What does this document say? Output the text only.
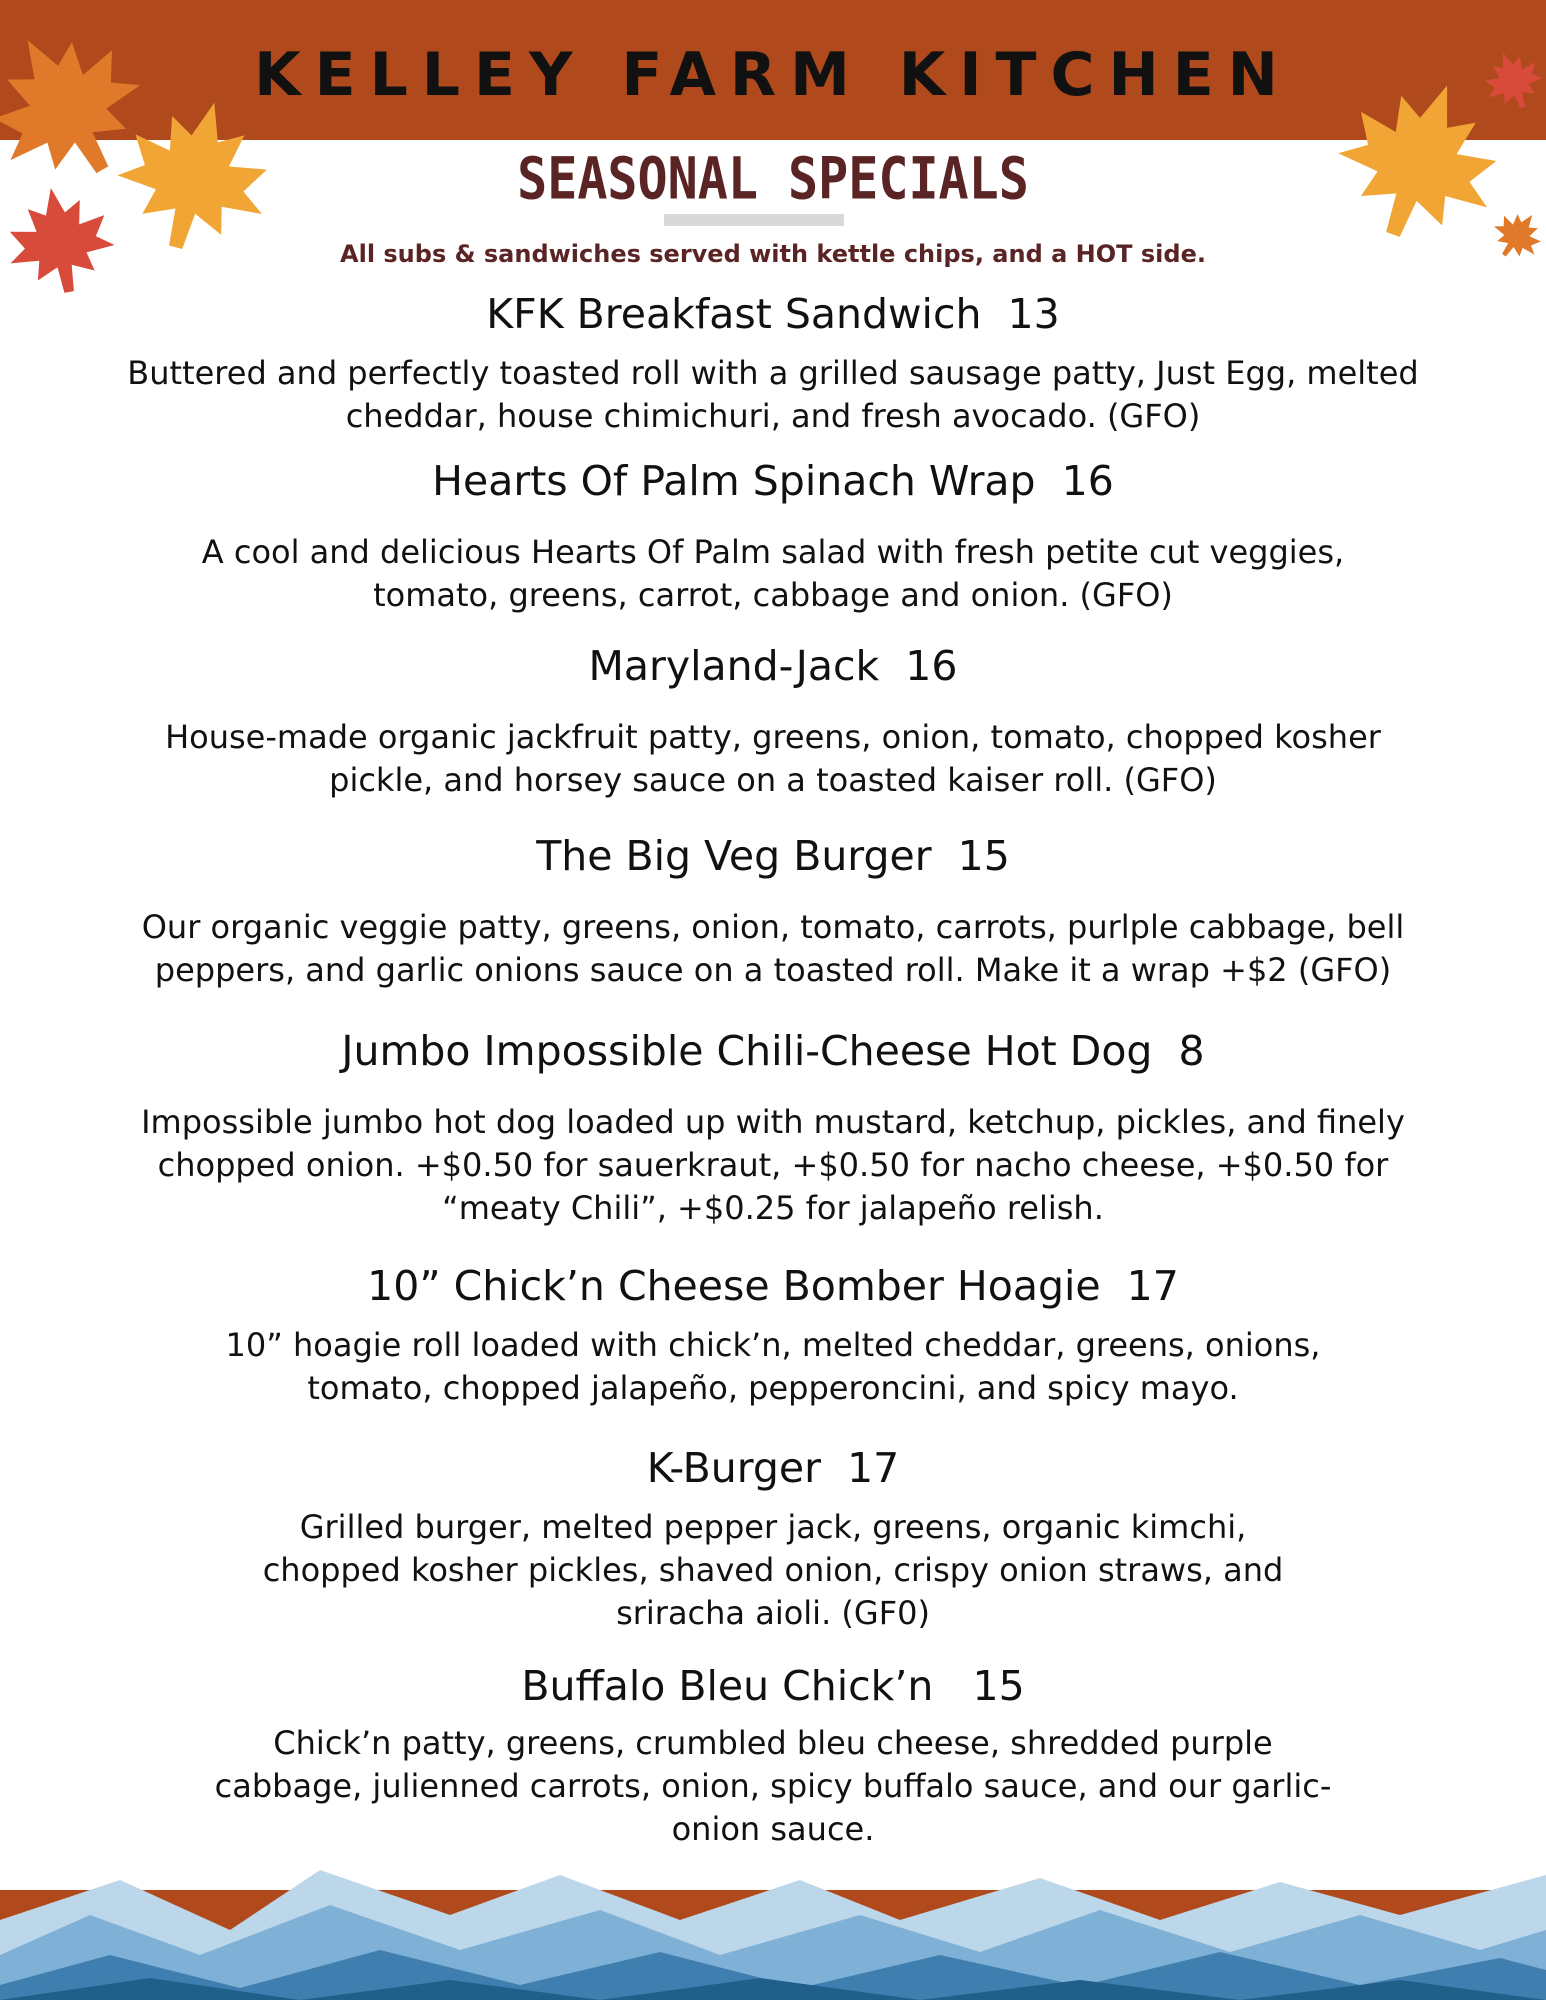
KELLEY FARM KITCHEN
SEASONAL SPECIALS
All subs & sandwiches served with kettle chips, and a HOT side.
KFK Breakfast Sandwich  13
Buttered and perfectly toasted roll with a grilled sausage patty, Just Egg, melted cheddar, house chimichuri, and fresh avocado. (GFO)
Hearts Of Palm Spinach Wrap  16
A cool and delicious Hearts Of Palm salad with fresh petite cut veggies, tomato, greens, carrot, cabbage and onion. (GFO)
Maryland-Jack  16
House-made organic jackfruit patty, greens, onion, tomato, chopped kosher pickle, and horsey sauce on a toasted kaiser roll. (GFO)
The Big Veg Burger  15
Our organic veggie patty, greens, onion, tomato, carrots, purlple cabbage, bell peppers, and garlic onions sauce on a toasted roll. Make it a wrap +$2 (GFO)
Jumbo Impossible Chili-Cheese Hot Dog  8
Impossible jumbo hot dog loaded up with mustard, ketchup, pickles, and finely chopped onion. +$0.50 for sauerkraut, +$0.50 for nacho cheese, +$0.50 for “meaty Chili”, +$0.25 for jalapeño relish.
10” Chick’n Cheese Bomber Hoagie  17
10” hoagie roll loaded with chick’n, melted cheddar, greens, onions, tomato, chopped jalapeño, pepperoncini, and spicy mayo.
K-Burger  17
Grilled burger, melted pepper jack, greens, organic kimchi, chopped kosher pickles, shaved onion, crispy onion straws, and sriracha aioli. (GF0)
Buffalo Bleu Chick’n   15
Chick’n patty, greens, crumbled bleu cheese, shredded purple cabbage, julienned carrots, onion, spicy buffalo sauce, and our garlic-onion sauce.
